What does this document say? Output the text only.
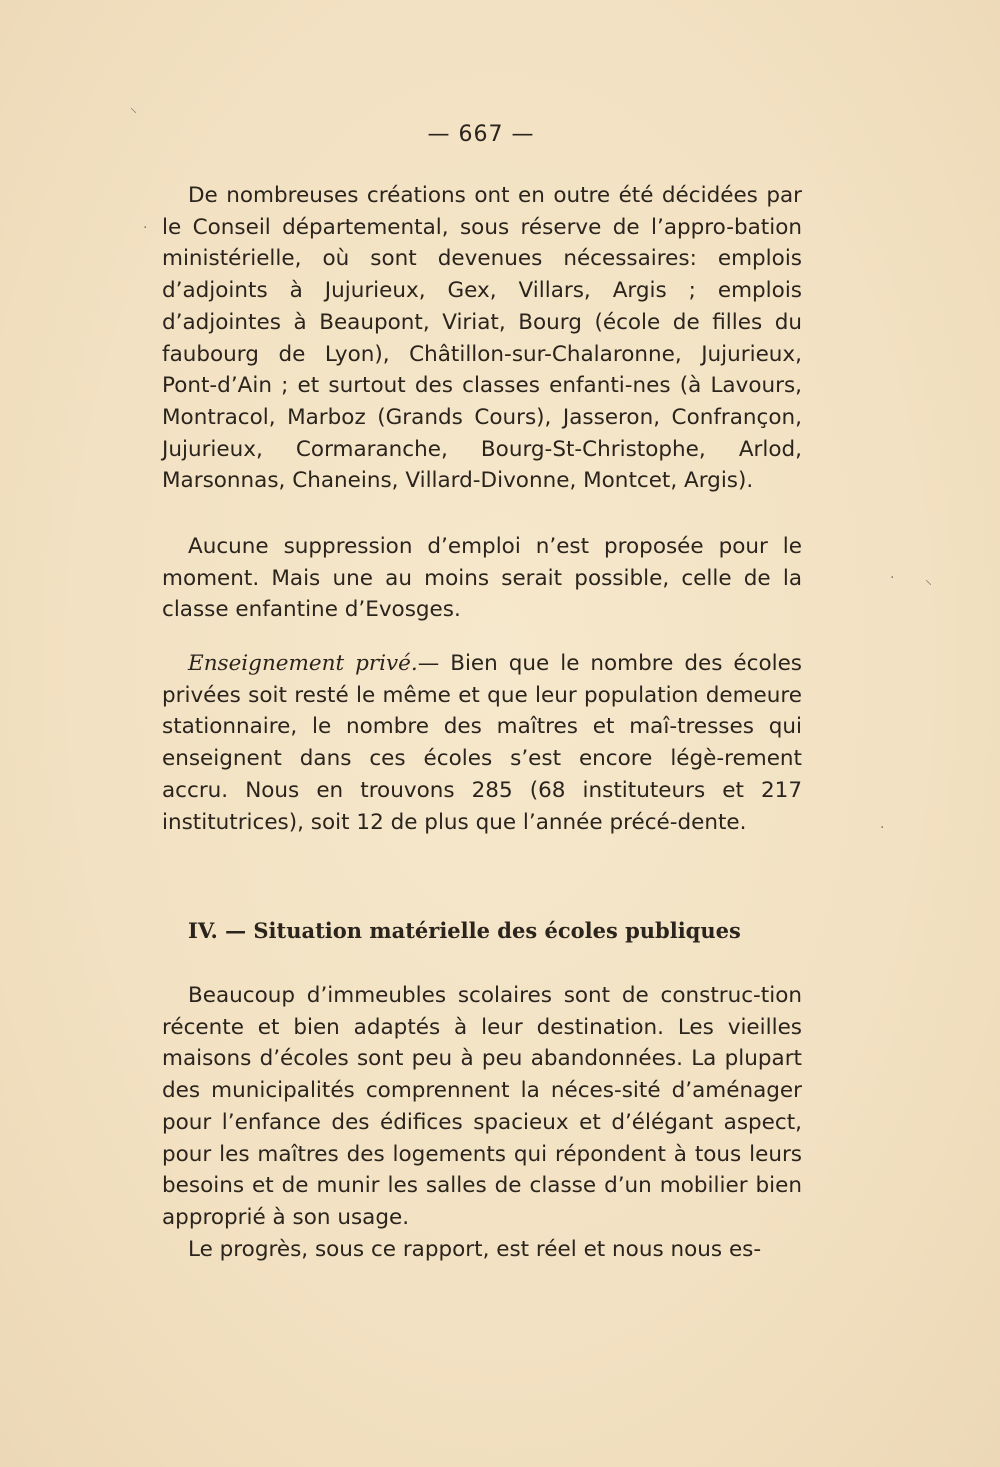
— 667 —

De nombreuses créations ont en outre été décidées par le Conseil départemental, sous réserve de l’appro-bation ministérielle, où sont devenues nécessaires: emplois d’adjoints à Jujurieux, Gex, Villars, Argis ; emplois d’adjointes à Beaupont, Viriat, Bourg (école de filles du faubourg de Lyon), Châtillon-sur-Chalaronne, Jujurieux, Pont-d’Ain ; et surtout des classes enfanti-nes (à Lavours, Montracol, Marboz (Grands Cours), Jasseron, Confrançon, Jujurieux, Cormaranche, Bourg-St-Christophe, Arlod, Marsonnas, Chaneins, Villard-Divonne, Montcet, Argis).

Aucune suppression d’emploi n’est proposée pour le moment. Mais une au moins serait possible, celle de la classe enfantine d’Evosges.

Enseignement privé.— Bien que le nombre des écoles privées soit resté le même et que leur population demeure stationnaire, le nombre des maîtres et maî-tresses qui enseignent dans ces écoles s’est encore légè-rement accru. Nous en trouvons 285 (68 instituteurs et 217 institutrices), soit 12 de plus que l’année précé-dente.

IV. — Situation matérielle des écoles publiques

Beaucoup d’immeubles scolaires sont de construc-tion récente et bien adaptés à leur destination. Les vieilles maisons d’écoles sont peu à peu abandonnées. La plupart des municipalités comprennent la néces-sité d’aménager pour l’enfance des édifices spacieux et d’élégant aspect, pour les maîtres des logements qui répondent à tous leurs besoins et de munir les salles de classe d’un mobilier bien approprié à son usage.

Le progrès, sous ce rapport, est réel et nous nous es-

⸜
⸜
·
·
·
